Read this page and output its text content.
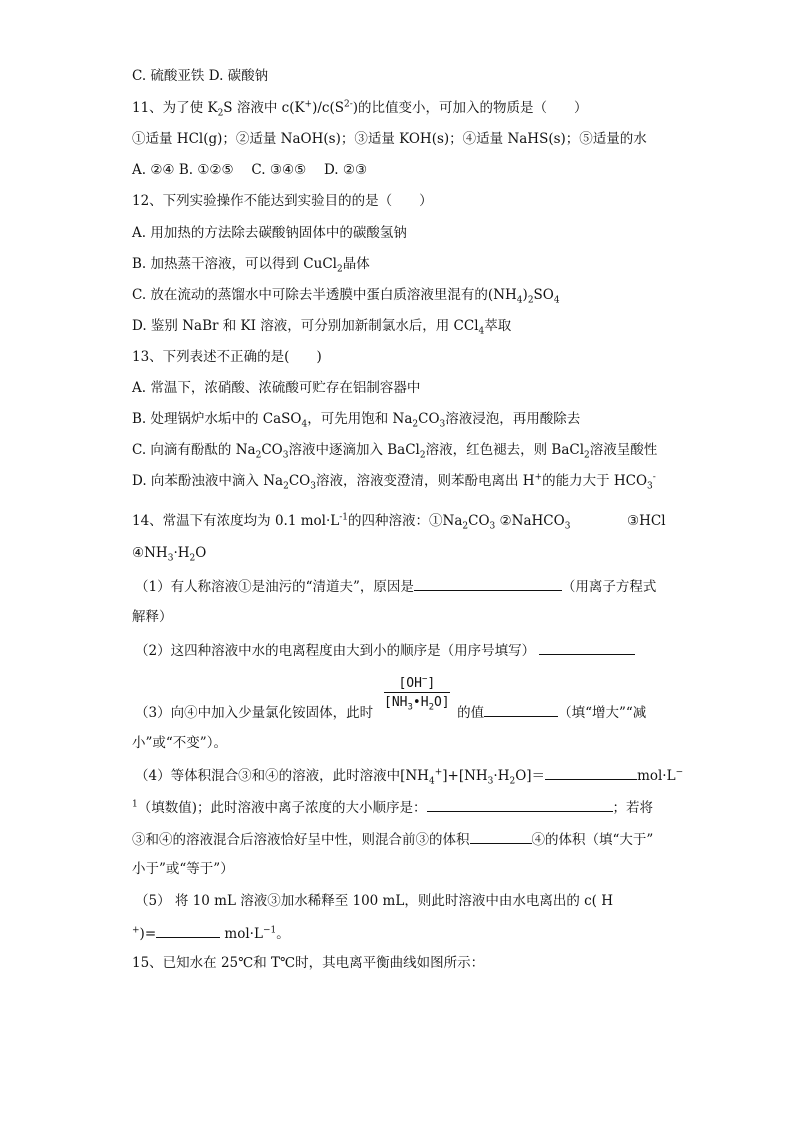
C. 硫酸亚铁 D. 碳酸钠
11、为了使 $K_2S$ 溶液中 $c(K^+)/c(S^{2-})$的比值变小，可加入的物质是（　　）
①适量 HCl(g)；②适量 NaOH(s)；③适量 KOH(s)；④适量 NaHS(s)；⑤适量的水
A. ②④ B. ①②⑤　 C. ③④⑤　 D. ②③
12、下列实验操作不能达到实验目的的是（　　）
A. 用加热的方法除去碳酸钠固体中的碳酸氢钠
B. 加热蒸干溶液，可以得到 CuCl$_2$晶体
C. 放在流动的蒸馏水中可除去半透膜中蛋白质溶液里混有的$(NH_4)_2SO_4$
D. 鉴别 NaBr 和 KI 溶液，可分别加新制氯水后，用 CCl$_4$萃取
13、下列表述不正确的是(　　)
A. 常温下，浓硝酸、浓硫酸可贮存在铝制容器中
B. 处理锅炉水垢中的 CaSO$_4$，可先用饱和 $Na_2CO_3$溶液浸泡，再用酸除去
C. 向滴有酚酞的 $Na_2CO_3$溶液中逐滴加入 BaCl$_2$溶液，红色褪去，则 BaCl$_2$溶液呈酸性
D. 向苯酚浊液中滴入 $Na_2CO_3$溶液，溶液变澄清，则苯酚电离出 H+的能力大于 $HCO_3^-$
14、常温下有浓度均为 0.1 $mol\cdot L^{-1}$的四种溶液：$①Na_2CO_3$ ②NaHCO$_3$	③HCl
$④NH_3\cdot H_2O$
（1）有人称溶液①是油污的“清道夫”，原因是	（用离子方程式
解释）
（2）这四种溶液中水的电离程度由大到小的顺序是（用序号填写）
[OH−]
$[NH_3•H_2O]$
（3）向④中加入少量氯化铵固体，此时	的值	（填“增大”“减
小”或“不变”）。
（4）等体积混合③和④的溶液，此时溶液中$[NH_4^+]+[NH_3\cdot H_2O]=$	mol·L−
$^1$（填数值)；此时溶液中离子浓度的大小顺序是：	；若将
③和④的溶液混合后溶液恰好呈中性，则混合前③的体积	④的体积（填“大于”
小于”或“等于”）
（5） 将 10 mL 溶液③加水稀释至 100 mL，则此时溶液中由水电离出的 c( H
+)=	$mol\cdot L^{-1}$。
15、已知水在 25℃和 T℃时，其电离平衡曲线如图所示：
